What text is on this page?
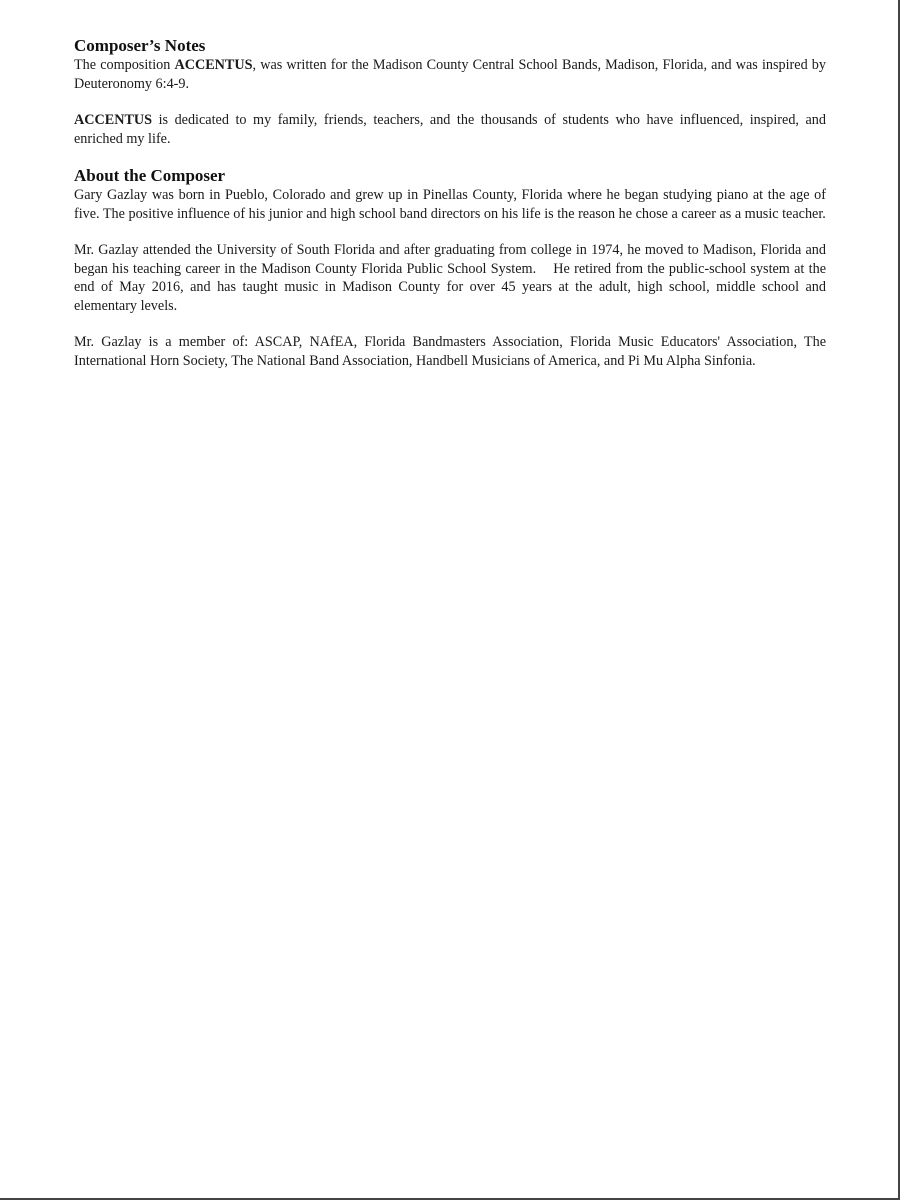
Composer’s Notes

The composition ACCENTUS, was written for the Madison County Central School Bands, Madison, Florida, and was inspired by Deuteronomy 6:4-9.

ACCENTUS is dedicated to my family, friends, teachers, and the thousands of students who have influenced, inspired, and enriched my life.

About the Composer

Gary Gazlay was born in Pueblo, Colorado and grew up in Pinellas County, Florida where he began studying piano at the age of five. The positive influence of his junior and high school band directors on his life is the reason he chose a career as a music teacher.

Mr. Gazlay attended the University of South Florida and after graduating from college in 1974, he moved to Madison, Florida and began his teaching career in the Madison County Florida Public School System.    He retired from the public-school system at the end of May 2016, and has taught music in Madison County for over 45 years at the adult, high school, middle school and elementary levels.

Mr. Gazlay is a member of: ASCAP, NAfEA, Florida Bandmasters Association, Florida Music Educators' Association, The International Horn Society, The National Band Association, Handbell Musicians of America, and Pi Mu Alpha Sinfonia.
